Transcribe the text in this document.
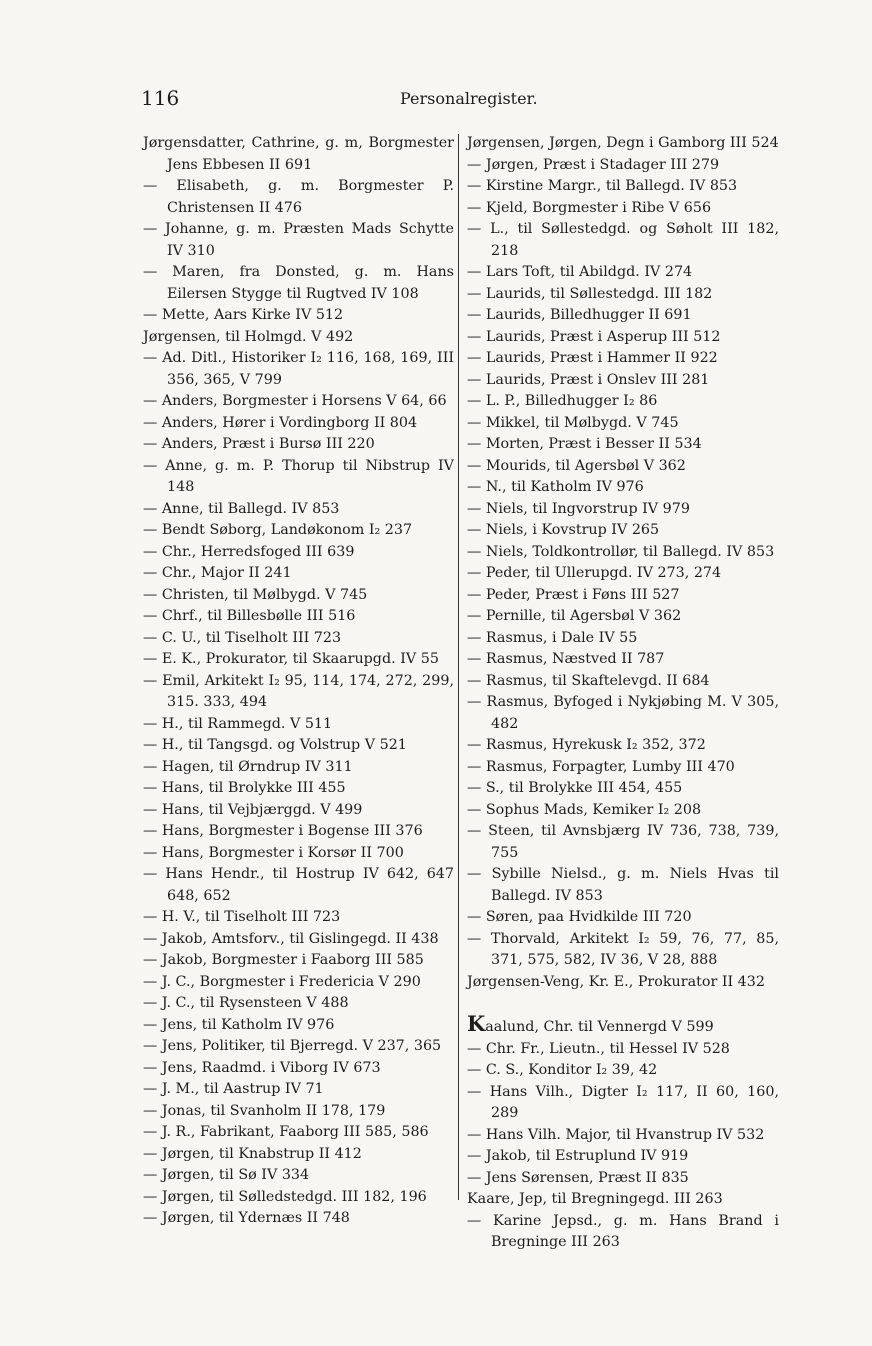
116	Personalregister.

Jørgensdatter, Cathrine, g. m, Borgmester Jens Ebbesen II 691

— Elisabeth, g. m. Borgmester P. Christensen II 476

— Johanne, g. m. Præsten Mads Schytte IV 310

— Maren, fra Donsted, g. m. Hans Eilersen Stygge til Rugtved IV 108

— Mette, Aars Kirke IV 512

Jørgensen, til Holmgd. V 492

— Ad. Ditl., Historiker I₂ 116, 168, 169, III 356, 365, V 799

— Anders, Borgmester i Horsens V 64, 66

— Anders, Hører i Vordingborg II 804

— Anders, Præst i Bursø III 220

— Anne, g. m. P. Thorup til Nibstrup IV 148

— Anne, til Ballegd. IV 853

— Bendt Søborg, Landøkonom I₂ 237

— Chr., Herredsfoged III 639

— Chr., Major II 241

— Christen, til Mølbygd. V 745

— Chrf., til Billesbølle III 516

— C. U., til Tiselholt III 723

— E. K., Prokurator, til Skaarupgd. IV 55

— Emil, Arkitekt I₂ 95, 114, 174, 272, 299, 315. 333, 494

— H., til Rammegd. V 511

— H., til Tangsgd. og Volstrup V 521

— Hagen, til Ørndrup IV 311

— Hans, til Brolykke III 455

— Hans, til Vejbjærggd. V 499

— Hans, Borgmester i Bogense III 376

— Hans, Borgmester i Korsør II 700

— Hans Hendr., til Hostrup IV 642, 647 648, 652

— H. V., til Tiselholt III 723

— Jakob, Amtsforv., til Gislingegd. II 438

— Jakob, Borgmester i Faaborg III 585

— J. C., Borgmester i Fredericia V 290

— J. C., til Rysensteen V 488

— Jens, til Katholm IV 976

— Jens, Politiker, til Bjerregd. V 237, 365

— Jens, Raadmd. i Viborg IV 673

— J. M., til Aastrup IV 71

— Jonas, til Svanholm II 178, 179

— J. R., Fabrikant, Faaborg III 585, 586

— Jørgen, til Knabstrup II 412

— Jørgen, til Sø IV 334

— Jørgen, til Sølledstedgd. III 182, 196

— Jørgen, til Ydernæs II 748

Jørgensen, Jørgen, Degn i Gamborg III 524

— Jørgen, Præst i Stadager III 279

— Kirstine Margr., til Ballegd. IV 853

— Kjeld, Borgmester i Ribe V 656

— L., til Søllestedgd. og Søholt III 182, 218

— Lars Toft, til Abildgd. IV 274

— Laurids, til Søllestedgd. III 182

— Laurids, Billedhugger II 691

— Laurids, Præst i Asperup III 512

— Laurids, Præst i Hammer II 922

— Laurids, Præst i Onslev III 281

— L. P., Billedhugger I₂ 86

— Mikkel, til Mølbygd. V 745

— Morten, Præst i Besser II 534

— Mourids, til Agersbøl V 362

— N., til Katholm IV 976

— Niels, til Ingvorstrup IV 979

— Niels, i Kovstrup IV 265

— Niels, Toldkontrollør, til Ballegd. IV 853

— Peder, til Ullerupgd. IV 273, 274

— Peder, Præst i Føns III 527

— Pernille, til Agersbøl V 362

— Rasmus, i Dale IV 55

— Rasmus, Næstved II 787

— Rasmus, til Skaftelevgd. II 684

— Rasmus, Byfoged i Nykjøbing M. V 305, 482

— Rasmus, Hyrekusk I₂ 352, 372

— Rasmus, Forpagter, Lumby III 470

— S., til Brolykke III 454, 455

— Sophus Mads, Kemiker I₂ 208

— Steen, til Avnsbjærg IV 736, 738, 739, 755

— Sybille Nielsd., g. m. Niels Hvas til Ballegd. IV 853

— Søren, paa Hvidkilde III 720

— Thorvald, Arkitekt I₂ 59, 76, 77, 85, 371, 575, 582, IV 36, V 28, 888

Jørgensen-Veng, Kr. E., Prokurator II 432

Kaalund, Chr. til Vennergd V 599

— Chr. Fr., Lieutn., til Hessel IV 528

— C. S., Konditor I₂ 39, 42

— Hans Vilh., Digter I₂ 117, II 60, 160, 289

— Hans Vilh. Major, til Hvanstrup IV 532

— Jakob, til Estruplund IV 919

— Jens Sørensen, Præst II 835

Kaare, Jep, til Bregningegd. III 263

— Karine Jepsd., g. m. Hans Brand i Bregninge III 263
